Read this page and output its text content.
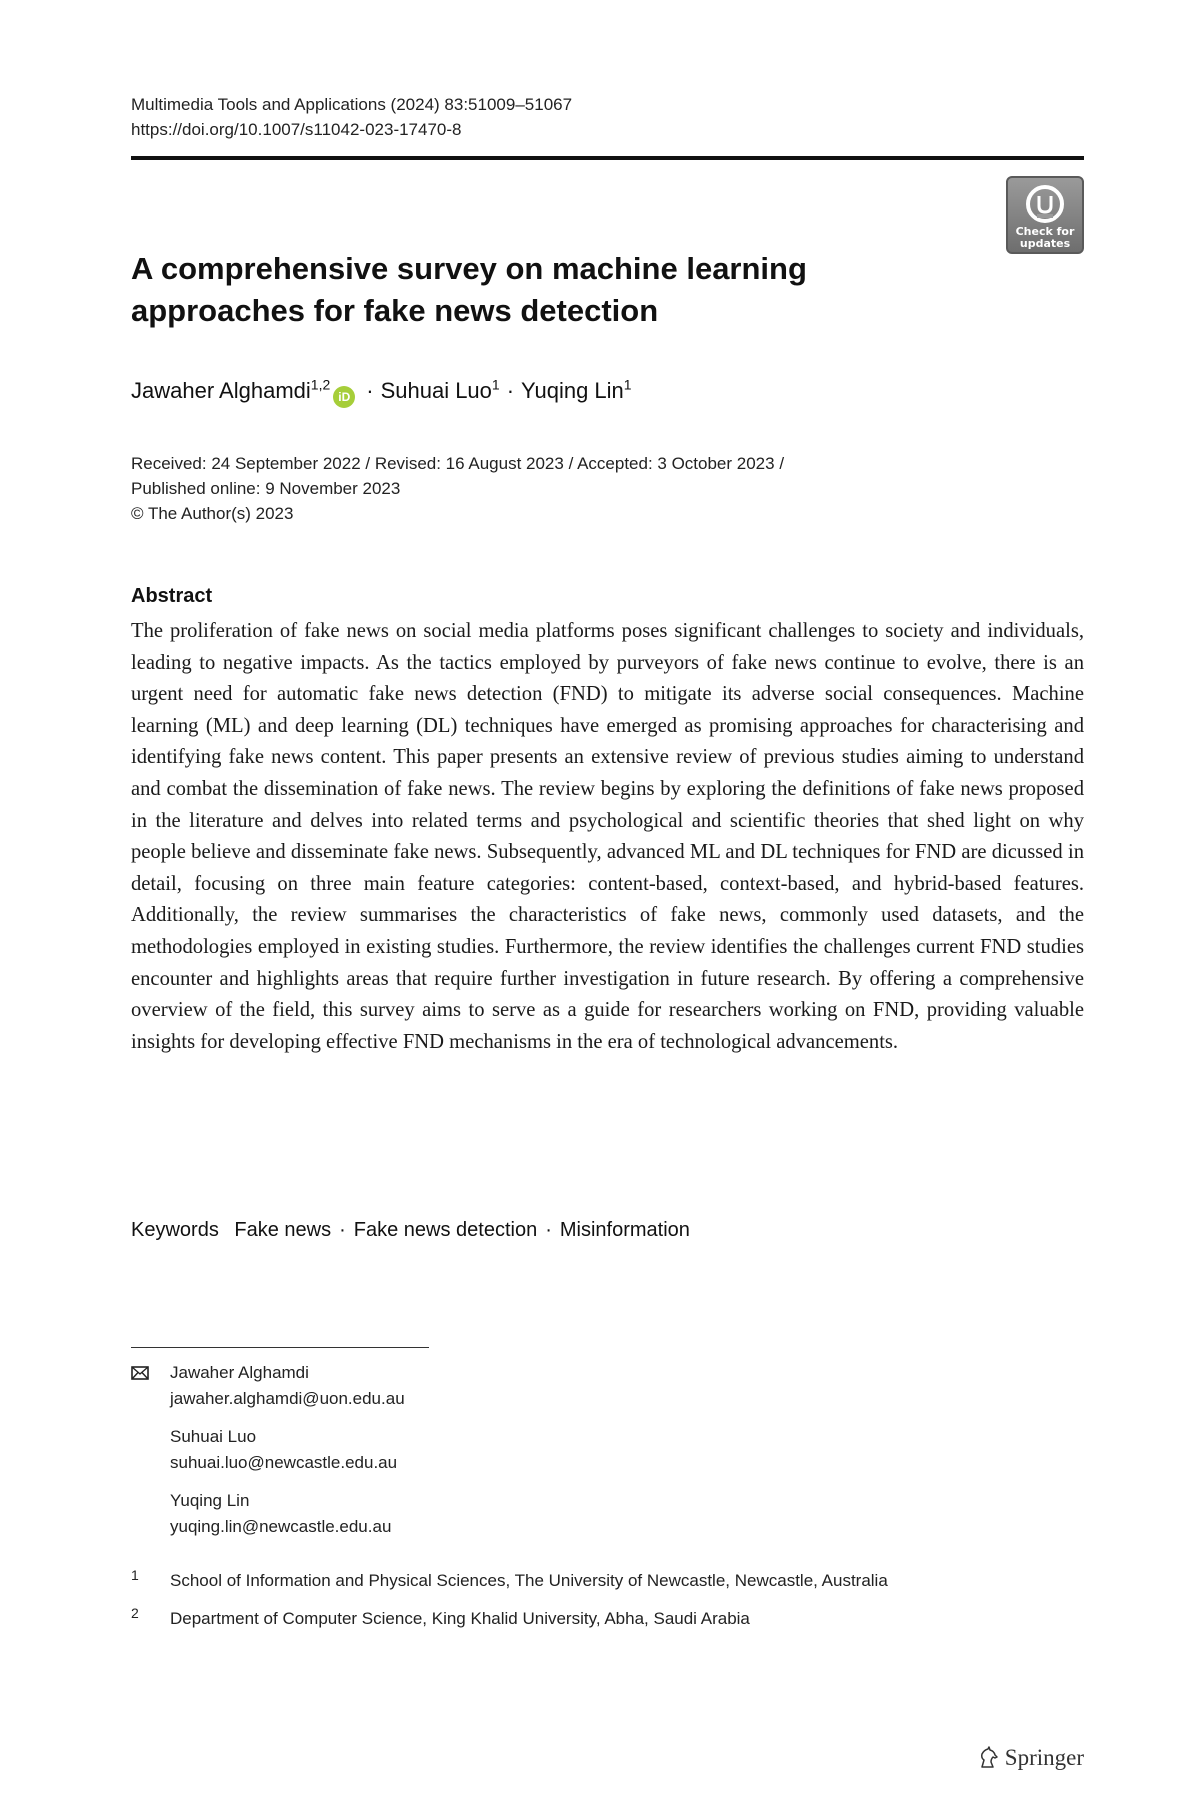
Multimedia Tools and Applications (2024) 83:51009–51067
https://doi.org/10.1007/s11042-023-17470-8
Check for
updates
A comprehensive survey on machine learning approaches for fake news detection
Jawaher Alghamdi$^{1,2}$iD · Suhuai Luo$^1$ · Yuqing Lin$^1$
Received: 24 September 2022 / Revised: 16 August 2023 / Accepted: 3 October 2023 /
Published online: 9 November 2023
© The Author(s) 2023
Abstract

The proliferation of fake news on social media platforms poses significant challenges to society and individuals, leading to negative impacts. As the tactics employed by purveyors of fake news continue to evolve, there is an urgent need for automatic fake news detection (FND) to mitigate its adverse social consequences. Machine learning (ML) and deep learning (DL) techniques have emerged as promising approaches for characterising and identifying fake news content. This paper presents an extensive review of previous studies aiming to understand and combat the dissemination of fake news. The review begins by exploring the definitions of fake news proposed in the literature and delves into related terms and psychological and scientific theories that shed light on why people believe and disseminate fake news. Subsequently, advanced ML and DL techniques for FND are dicussed in detail, focusing on three main feature categories: content-based, context-based, and hybrid-based features. Additionally, the review summarises the characteristics of fake news, commonly used datasets, and the methodologies employed in existing studies. Furthermore, the review identifies the challenges current FND studies encounter and highlights areas that require further investigation in future research. By offering a comprehensive overview of the field, this survey aims to serve as a guide for researchers working on FND, providing valuable insights for developing effective FND mechanisms in the era of technological advancements.

Keywords Fake news · Fake news detection · Misinformation
Jawaher Alghamdi
jawaher.alghamdi@uon.edu.au
Suhuai Luo
suhuai.luo@newcastle.edu.au
Yuqing Lin
yuqing.lin@newcastle.edu.au
1 School of Information and Physical Sciences, The University of Newcastle, Newcastle, Australia
2 Department of Computer Science, King Khalid University, Abha, Saudi Arabia
Springer
